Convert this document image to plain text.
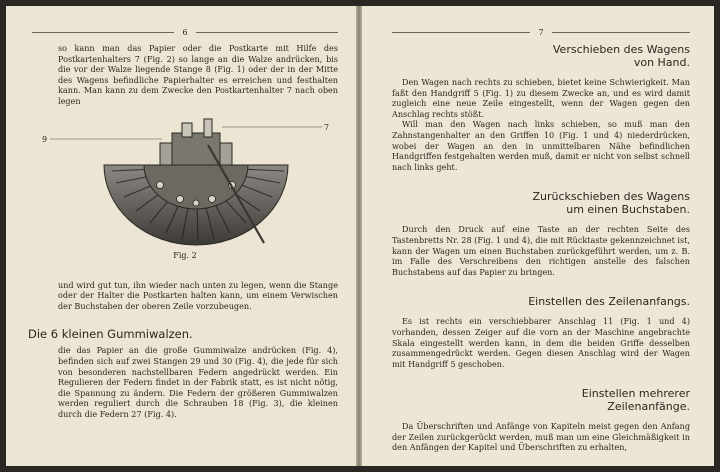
6

so kann man das Papier oder die Postkarte mit Hilfe des Postkartenhalters 7 (Fig. 2) so lange an die Walze andrücken, bis die vor der Walze liegende Stange 8 (Fig. 1) oder der in der Mitte des Wagens befindliche Papierhalter es erreichen und festhalten kann. Man kann zu dem Zwecke den Postkartenhalter 7 nach oben legen

9
7
Fig. 2

und wird gut tun, ihn wieder nach unten zu legen, wenn die Stange oder der Halter die Postkarten halten kann, um einem Verwischen der Buchstaben der oberen Zeile vorzubeugen.

Die 6 kleinen Gummiwalzen.

die das Papier an die große Gummiwalze andrücken (Fig. 4), befinden sich auf zwei Stangen 29 und 30 (Fig. 4), die jede für sich von besonderen nachstellbaren Federn angedrückt werden. Ein Regulieren der Federn findet in der Fabrik statt, es ist nicht nötig, die Spannung zu ändern. Die Federn der größeren Gummiwalzen werden reguliert durch die Schrauben 18 (Fig. 3), die kleinen durch die Federn 27 (Fig. 4).

7
Verschieben des Wagens
von Hand.

Den Wagen nach rechts zu schieben, bietet keine Schwierigkeit. Man faßt den Handgriff 5 (Fig. 1) zu diesem Zwecke an, und es wird damit zugleich eine neue Zeile eingestellt, wenn der Wagen gegen den Anschlag rechts stößt.

Will man den Wagen nach links schieben, so muß man den Zahnstangenhalter an den Griffen 10 (Fig. 1 und 4) niederdrücken, wobei der Wagen an den in unmittelbaren Nähe befindlichen Handgriffen festgehalten werden muß, damit er nicht von selbst schnell nach links geht.

Zurückschieben des Wagens
um einen Buchstaben.

Durch den Druck auf eine Taste an der rechten Seite des Tastenbretts Nr. 28 (Fig. 1 und 4), die mit Rücktaste gekennzeichnet ist, kann der Wagen um einen Buchstaben zurückgeführt werden, um z. B. im Falle des Verschreibens den richtigen anstelle des falschen Buchstabens auf das Papier zu bringen.

Einstellen des Zeilenanfangs.

Es ist rechts ein verschiebbarer Anschlag 11 (Fig. 1 und 4) vorhanden, dessen Zeiger auf die vorn an der Maschine angebrachte Skala eingestellt werden kann, in dem die beiden Griffe desselben zusammengedrückt werden. Gegen diesen Anschlag wird der Wagen mit Handgriff 5 geschoben.

Einstellen mehrerer
Zeilenanfänge.

Da Überschriften und Anfänge von Kapiteln meist gegen den Anfang der Zeilen zurückgerückt werden, muß man um eine Gleichmäßigkeit in den Anfängen der Kapitel und Überschriften zu erhalten,
